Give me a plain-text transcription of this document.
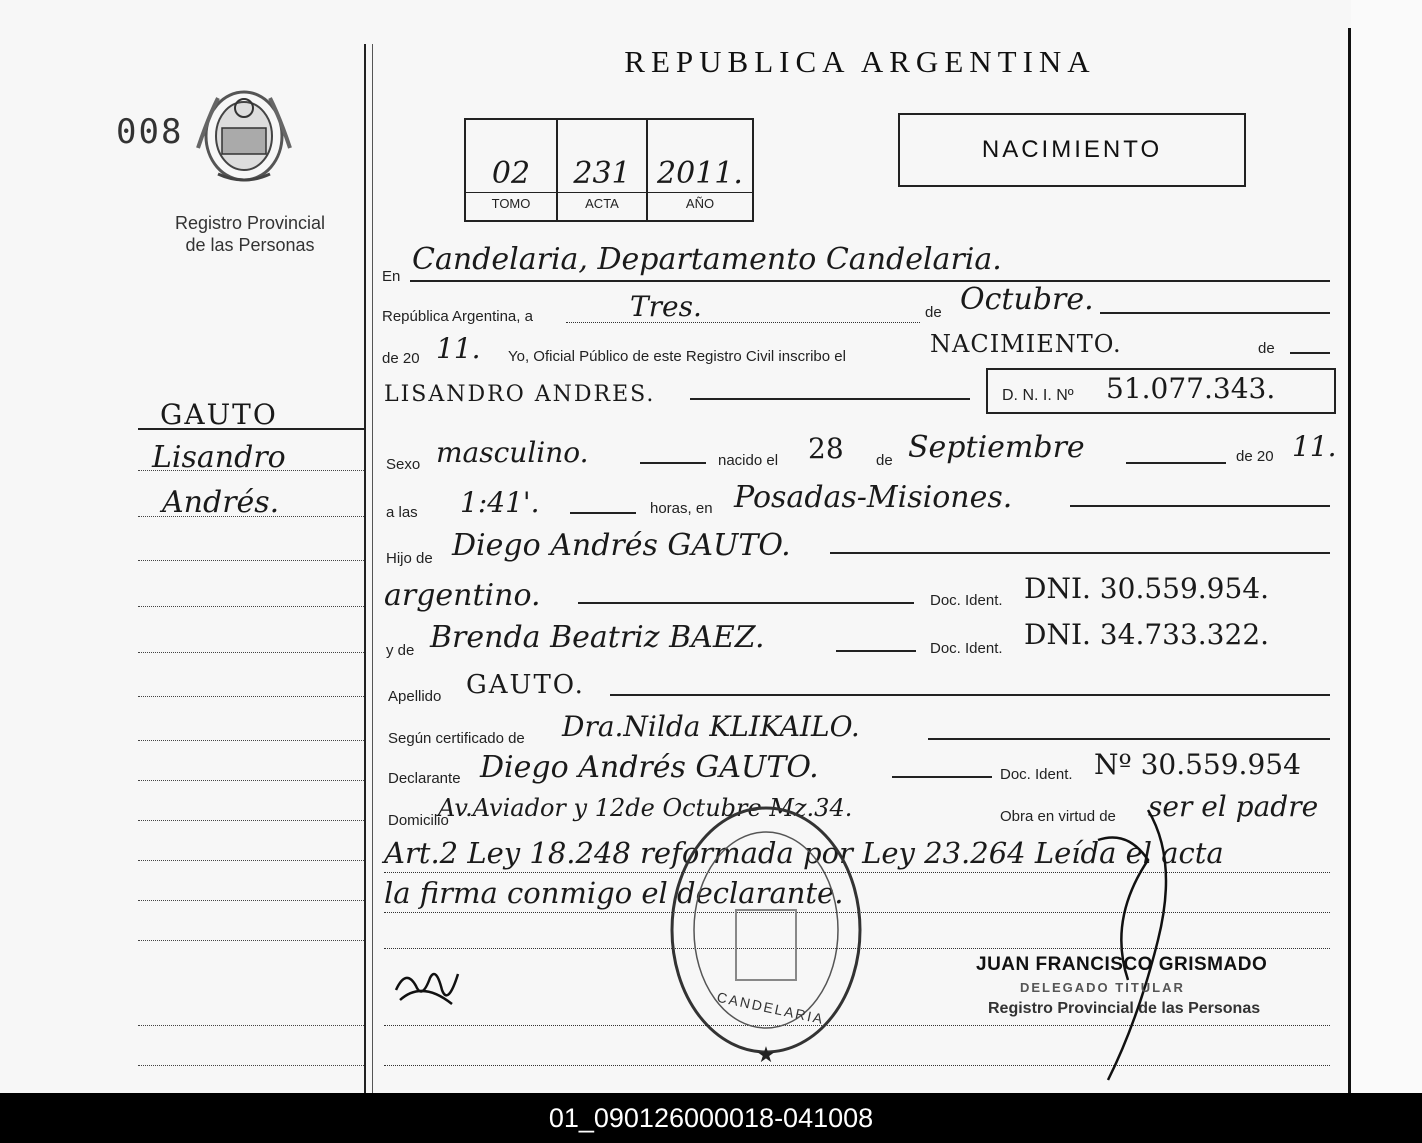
REPUBLICA ARGENTINA
008
Registro Provincial
de las Personas
02	231 2011.
TOMO	ACTA	AÑO
NACIMIENTO
GAUTO
Lisandro
Andrés.
En Candelaria, Departamento Candelaria.
República Argentina, a	Tres.	de Octubre.
de 20 11. Yo, Oficial Público de este Registro Civil inscribo el	NACIMIENTO.	de
LISANDRO ANDRES.	D. N. I. Nº 51.077.343.
Sexo masculino.	nacido el 28 de Septiembre	de 20 11.
a las 1:41'.	horas, en Posadas-Misiones.
Hijo de Diego Andrés GAUTO.
argentino.	Doc. Ident. DNI. 30.559.954.
y de Brenda Beatriz BAEZ.	Doc. Ident. DNI. 34.733.322.
Apellido GAUTO.
Según certificado de Dra.Nilda KLIKAILO.
Declarante Diego Andrés GAUTO.	Doc. Ident. Nº 30.559.954
Domicilio
Av.Aviador y 12de Octubre Mz.34.	Obra en virtud de ser el padre
Art.2 Ley 18.248 reformada por Ley 23.264 Leída el acta
la firma conmigo el declarante.
★
CANDELARIA
JUAN FRANCISCO GRISMADO
DELEGADO TITULAR
Registro Provincial de las Personas
01_090126000018-041008
